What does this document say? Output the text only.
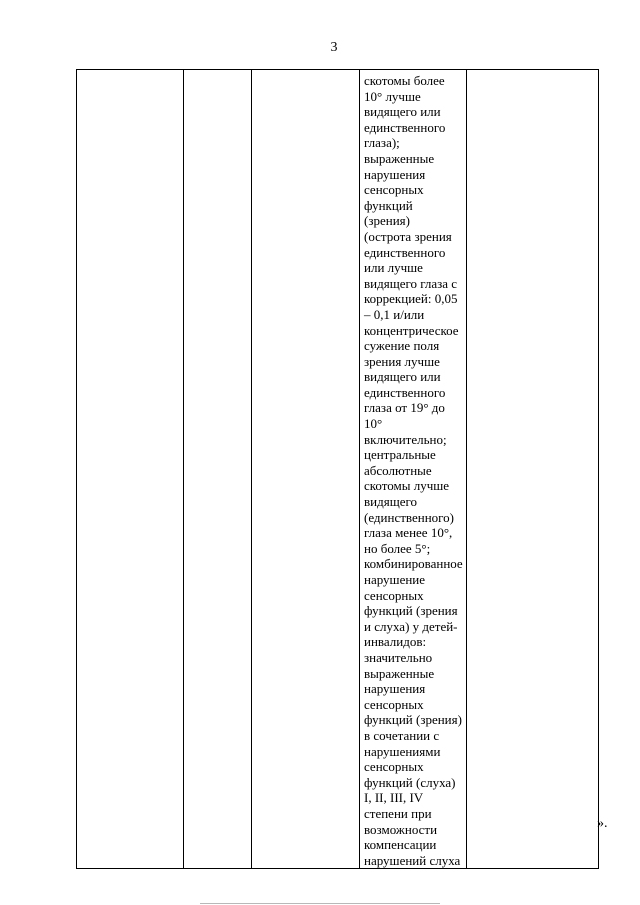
3

скотомы более
10° лучше
видящего или
единственного
глаза);
выраженные
нарушения
сенсорных
функций
(зрения)
(острота зрения
единственного
или лучше
видящего глаза с
коррекцией: 0,05
– 0,1 и/или
концентрическое
сужение поля
зрения лучше
видящего или
единственного
глаза от 19° до
10°
включительно;
центральные
абсолютные
скотомы лучше
видящего
(единственного)
глаза менее 10°,
но более 5°;
комбинированное
нарушение
сенсорных
функций (зрения
и слуха) у детей-
инвалидов:
значительно
выраженные
нарушения
сенсорных
функций (зрения)
в сочетании с
нарушениями
сенсорных
функций (слуха)
I, II, III, IV
степени при
возможности
компенсации
нарушений слуха

».
